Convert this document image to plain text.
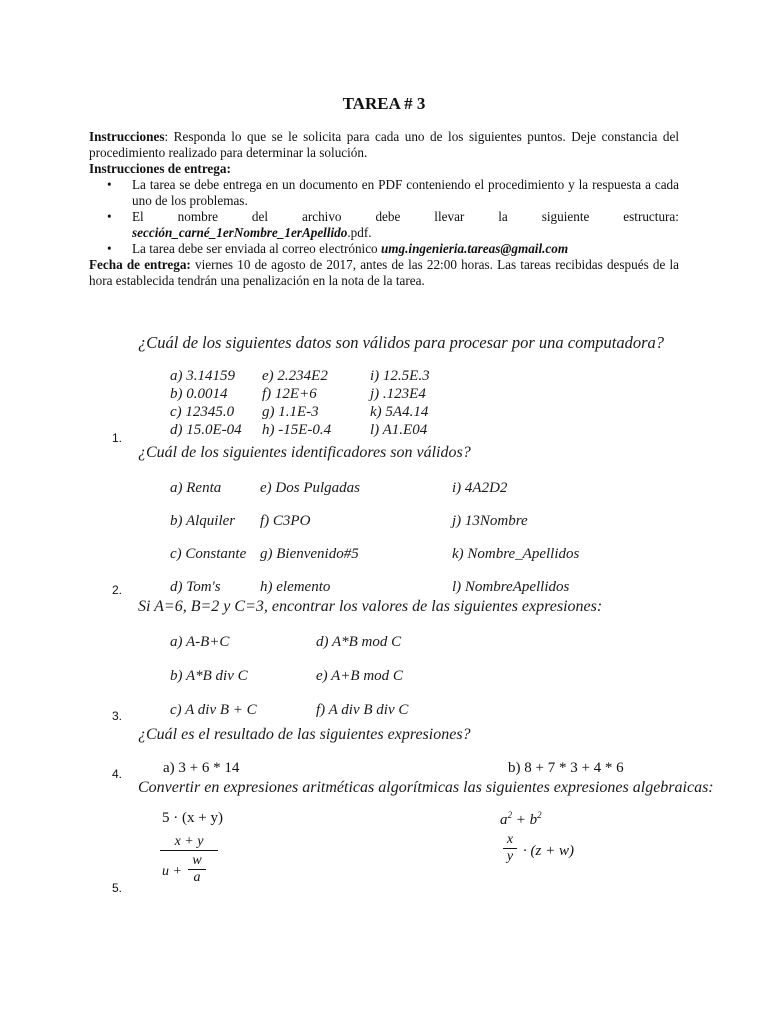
TAREA # 3

Instrucciones: Responda lo que se le solicita para cada uno de los siguientes puntos. Deje constancia del procedimiento realizado para determinar la solución.

Instrucciones de entrega:

• La tarea se debe entrega en un documento en PDF conteniendo el procedimiento y la respuesta a cada uno de los problemas.
• El	nombre	del	archivo	debe	llevar	la	siguiente	estructura:
sección_carné_1erNombre_1erApellido.pdf.
• La tarea debe ser enviada al correo electrónico umg.ingenieria.tareas@gmail.com

Fecha de entrega: viernes 10 de agosto de 2017, antes de las 22:00 horas. Las tareas recibidas después de la hora establecida tendrán una penalización en la nota de la tarea.

¿Cuál de los siguientes datos son válidos para procesar por una computadora?
a) 3.14159 e) 2.234E2	i) 12.5E.3
b) 0.0014 f) 12E+6	j) .123E4
c) 12345.0 g) 1.1E-3	k) 5A4.14
d) 15.0E-04 h) -15E-0.4	l) A1.E04
1.
¿Cuál de los siguientes identificadores son válidos?
a) Renta	e) Dos Pulgadas	i) 4A2D2
b) Alquiler f) C3PO	j) 13Nombre
c) Constante g) Bienvenido#5	k) Nombre_Apellidos
d) Tom's	h) elemento	l) NombreApellidos
2.
Si A=6, B=2 y C=3, encontrar los valores de las siguientes expresiones:
a) A-B+C	d) A*B mod C
b) A*B div C	e) A+B mod C
c) A div B + C	f) A div B div C
3.
¿Cuál es el resultado de las siguientes expresiones?
4.	a) 3 + 6 * 14	b) 8 + 7 * 3 + 4 * 6
Convertir en expresiones aritméticas algorítmicas las siguientes expresiones algebraicas:
5 · (x + y)	$a^2 + b^2$
x + y
u +
w
a	$\frac{x}{y} \cdot (z + w)$
5.
